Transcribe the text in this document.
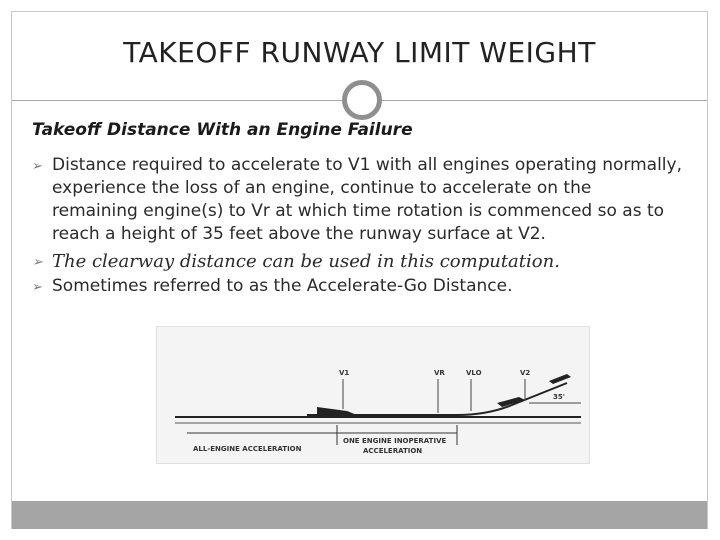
TAKEOFF RUNWAY LIMIT WEIGHT
Takeoff Distance With an Engine Failure
➢ Distance required to accelerate to V1 with all engines operating normally, experience the loss of an engine, continue to accelerate on the remaining engine(s) to Vr at which time rotation is commenced so as to reach a height of 35 feet above the runway surface at V2.
➢ The clearway distance can be used in this computation.
➢ Sometimes referred to as the Accelerate-Go Distance.
V1	VR	VLO	V2
35'
ALL-ENGINE ACCELERATION
ONE ENGINE INOPERATIVE
ACCELERATION
